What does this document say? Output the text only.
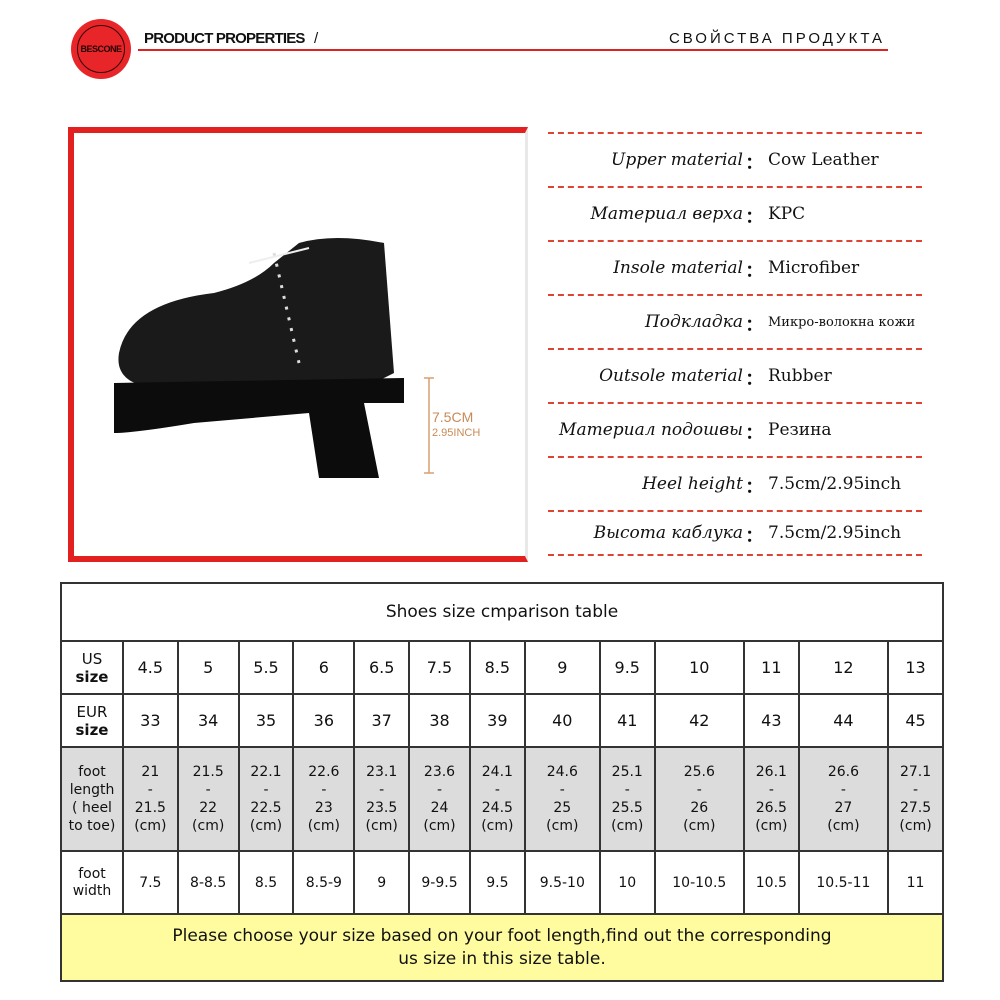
BESCONE
PRODUCT PROPERTIES /	СВОЙСТВА ПРОДУКТА
7.5CM
2.95INCH
Upper material ： Cow Leather
Материал верха ： KPC
Insole material ： Microfiber
Подкладка ： Микро-волокна кожи
Outsole material ： Rubber
Материал подошвы ： Резина
Heel height ： 7.5cm/2.95inch
Высота каблука ： 7.5cm/2.95inch
Shoes size cmparison table													
US
size	4.5	5	5.5	6	6.5	7.5	8.5	9	9.5	10	11	12	13
EUR
size	33	34	35	36	37	38	39	40	41	42	43	44	45
foot
length
( heel
to toe)	21
-
21.5
(cm)	21.5
-
22
(cm)	22.1
-
22.5
(cm)	22.6
-
23
(cm)	23.1
-
23.5
(cm)	23.6
-
24
(cm)	24.1
-
24.5
(cm)	24.6
-
25
(cm)	25.1
-
25.5
(cm)	25.6
-
26
(cm)	26.1
-
26.5
(cm)	26.6
-
27
(cm)	27.1
-
27.5
(cm)
foot
width	7.5	8-8.5	8.5	8.5-9	9	9-9.5	9.5	9.5-10	10	10-10.5	10.5	10.5-11	11
Please choose your size based on your foot length,find out the corresponding
us size in this size table.													
